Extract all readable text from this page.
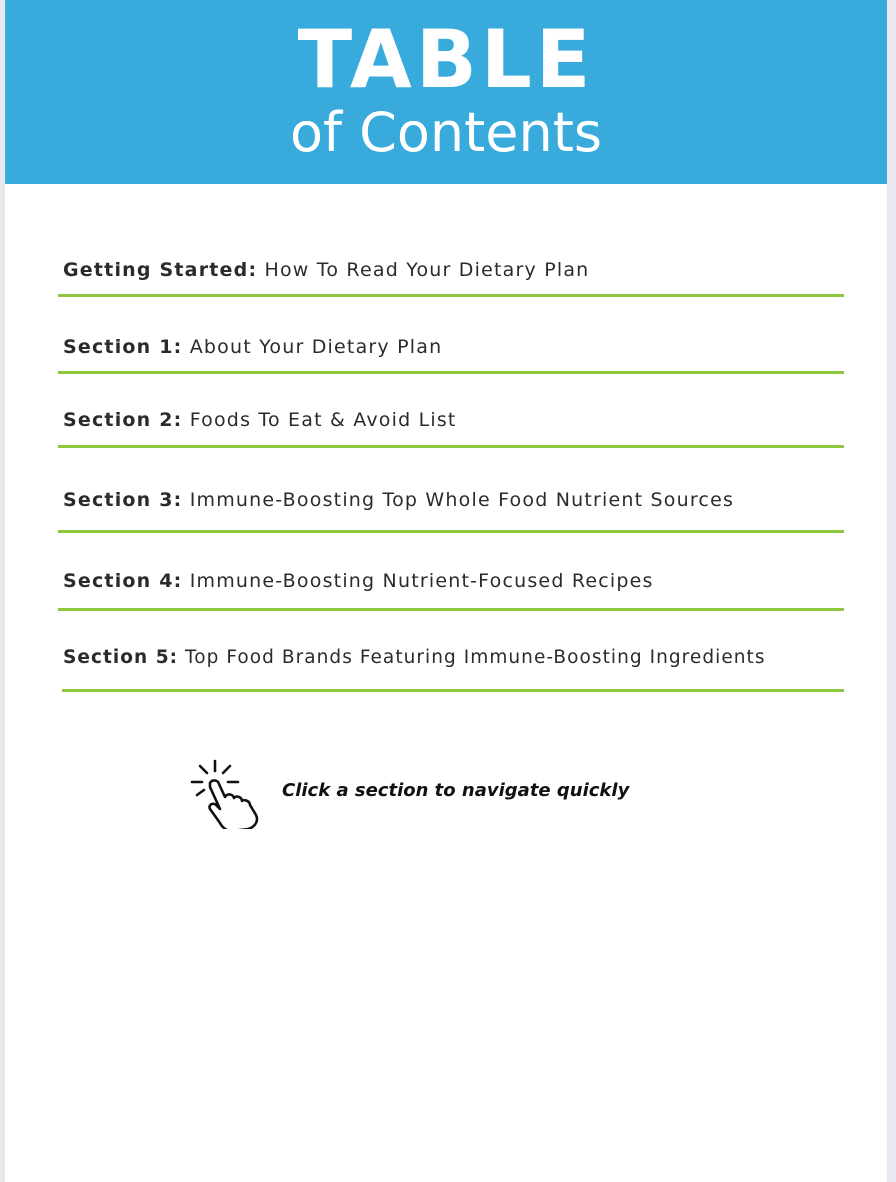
TABLE
of Contents
Getting Started: How To Read Your Dietary Plan
Section 1: About Your Dietary Plan
Section 2: Foods To Eat & Avoid List
Section 3: Immune-Boosting Top Whole Food Nutrient Sources
Section 4: Immune-Boosting Nutrient-Focused Recipes
Section 5: Top Food Brands Featuring Immune-Boosting Ingredients
Click a section to navigate quickly
